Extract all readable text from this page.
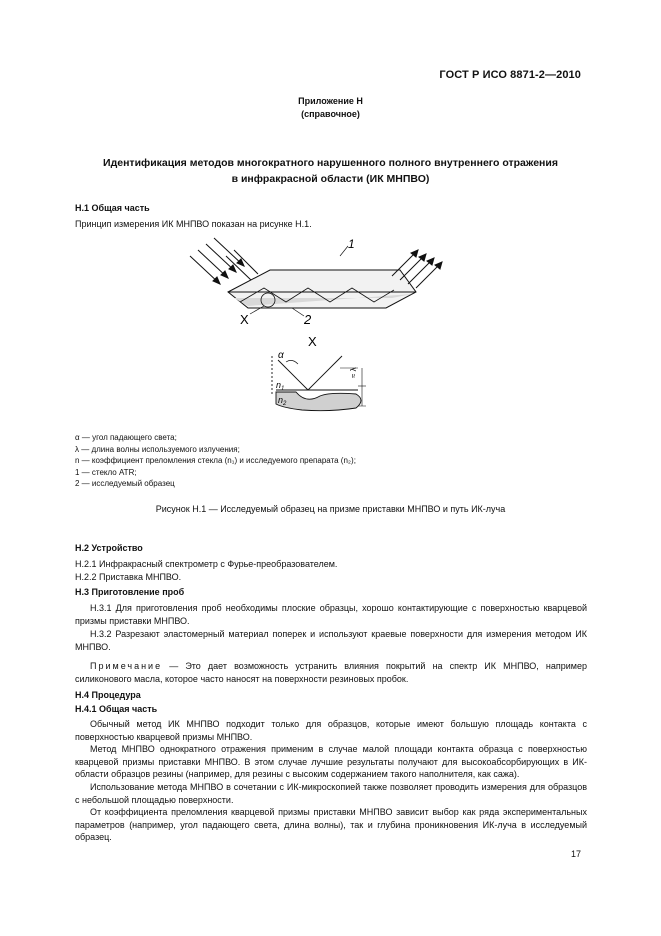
ГОСТ Р ИСО 8871-2—2010
Приложение Н
(справочное)
Идентификация методов многократного нарушенного полного внутреннего отражения
в инфракрасной области (ИК МНПВО)
Н.1 Общая часть
Принцип измерения ИК МНПВО показан на рисунке Н.1.
1
X	2
X
α
≈ λ
$n_1$
$n_2$
α — угол падающего света;
λ — длина волны используемого излучения;
n — коэффициент преломления стекла (n₁) и исследуемого препарата (n₂);
1 — стекло ATR;
2 — исследуемый образец
Рисунок Н.1 — Исследуемый образец на призме приставки МНПВО и путь ИК-луча
Н.2 Устройство
Н.2.1 Инфракрасный спектрометр с Фурье-преобразователем.
Н.2.2 Приставка МНПВО.
Н.3 Приготовление проб
Н.3.1 Для приготовления проб необходимы плоские образцы, хорошо контактирующие с поверхностью кварцевой призмы приставки МНПВО.
Н.3.2 Разрезают эластомерный материал поперек и используют краевые поверхности для измерения методом ИК МНПВО.
Примечание — Это дает возможность устранить влияния покрытий на спектр ИК МНПВО, например силиконового масла, которое часто наносят на поверхности резиновых пробок.
Н.4 Процедура
Н.4.1 Общая часть
Обычный метод ИК МНПВО подходит только для образцов, которые имеют большую площадь контакта с поверхностью кварцевой призмы МНПВО.
Метод МНПВО однократного отражения применим в случае малой площади контакта образца с поверхностью кварцевой призмы приставки МНПВО. В этом случае лучшие результаты получают для высокоабсорбирующих в ИК-области образцов резины (например, для резины с высоким содержанием такого наполнителя, как сажа).
Использование метода МНПВО в сочетании с ИК-микроскопией также позволяет проводить измерения для образцов с небольшой площадью поверхности.
От коэффициента преломления кварцевой призмы приставки МНПВО зависит выбор как ряда экспериментальных параметров (например, угол падающего света, длина волны), так и глубина проникновения ИК-луча в исследуемый образец.
17
